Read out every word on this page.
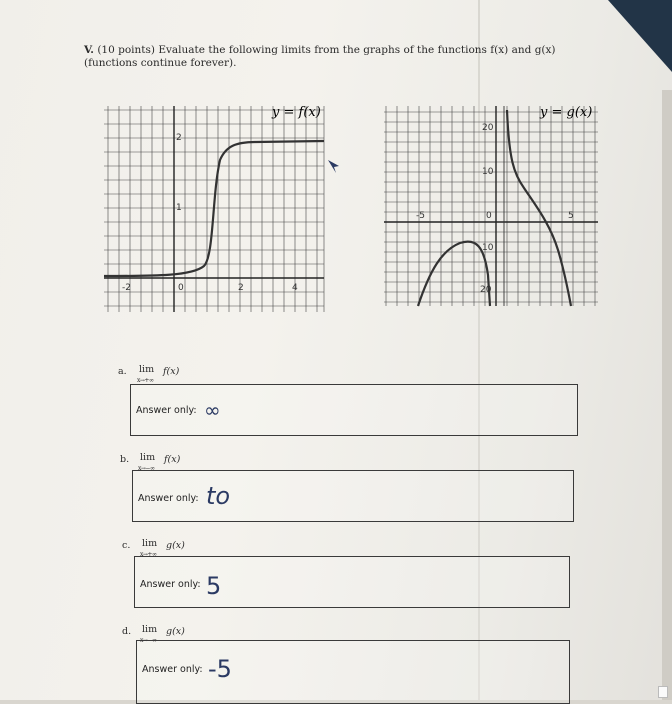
V. (10 points) Evaluate the following limits from the graphs of the functions f(x) and g(x) (functions continue forever).
y = f(x)
-2	0	2	4
2
1
y = g(x)
-5	0	5
20
10
10
20
a. lim
x→+∞
f(x)
Answer only: ∞
b. lim
x→−∞
f(x)
Answer only: to
c. lim
x→+∞
g(x)
Answer only: 5
d. lim
x→−∞
g(x)
Answer only: -5
